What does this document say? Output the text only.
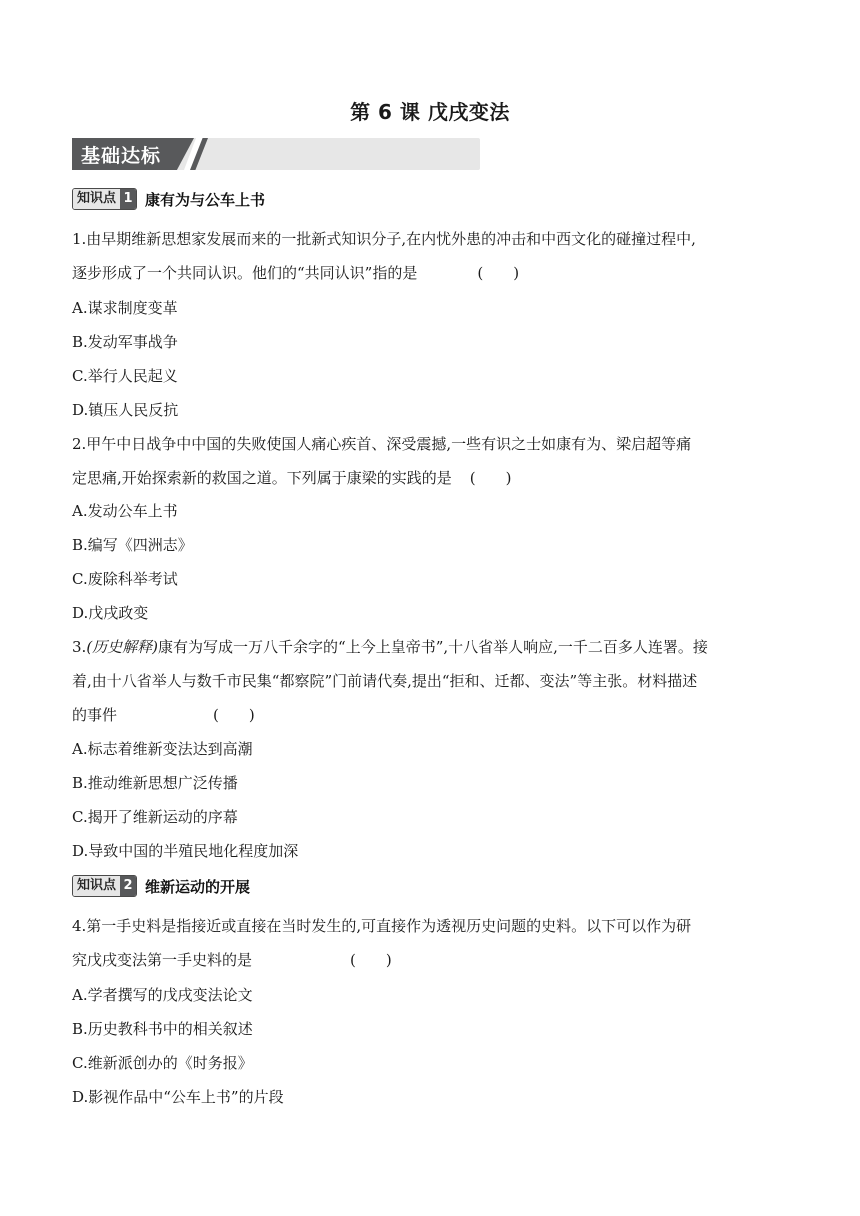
第 6 课 戊戌变法
基础达标
知识点 1 康有为与公车上书
1.由早期维新思想家发展而来的一批新式知识分子,在内忧外患的冲击和中西文化的碰撞过程中,
逐步形成了一个共同认识。他们的“共同认识”指的是	(　　)
A.谋求制度变革
B.发动军事战争
C.举行人民起义
D.镇压人民反抗
2.甲午中日战争中中国的失败使国人痛心疾首、深受震撼,一些有识之士如康有为、梁启超等痛
定思痛,开始探索新的救国之道。下列属于康梁的实践的是 (　　)
A.发动公车上书
B.编写《四洲志》
C.废除科举考试
D.戊戌政变
3.(历史解释)康有为写成一万八千余字的“上今上皇帝书”,十八省举人响应,一千二百多人连署。接
着,由十八省举人与数千市民集“都察院”门前请代奏,提出“拒和、迁都、变法”等主张。材料描述
的事件	(　　)
A.标志着维新变法达到高潮
B.推动维新思想广泛传播
C.揭开了维新运动的序幕
D.导致中国的半殖民地化程度加深
知识点 2 维新运动的开展
4.第一手史料是指接近或直接在当时发生的,可直接作为透视历史问题的史料。以下可以作为研
究戊戌变法第一手史料的是	(　　)
A.学者撰写的戊戌变法论文
B.历史教科书中的相关叙述
C.维新派创办的《时务报》
D.影视作品中“公车上书”的片段
